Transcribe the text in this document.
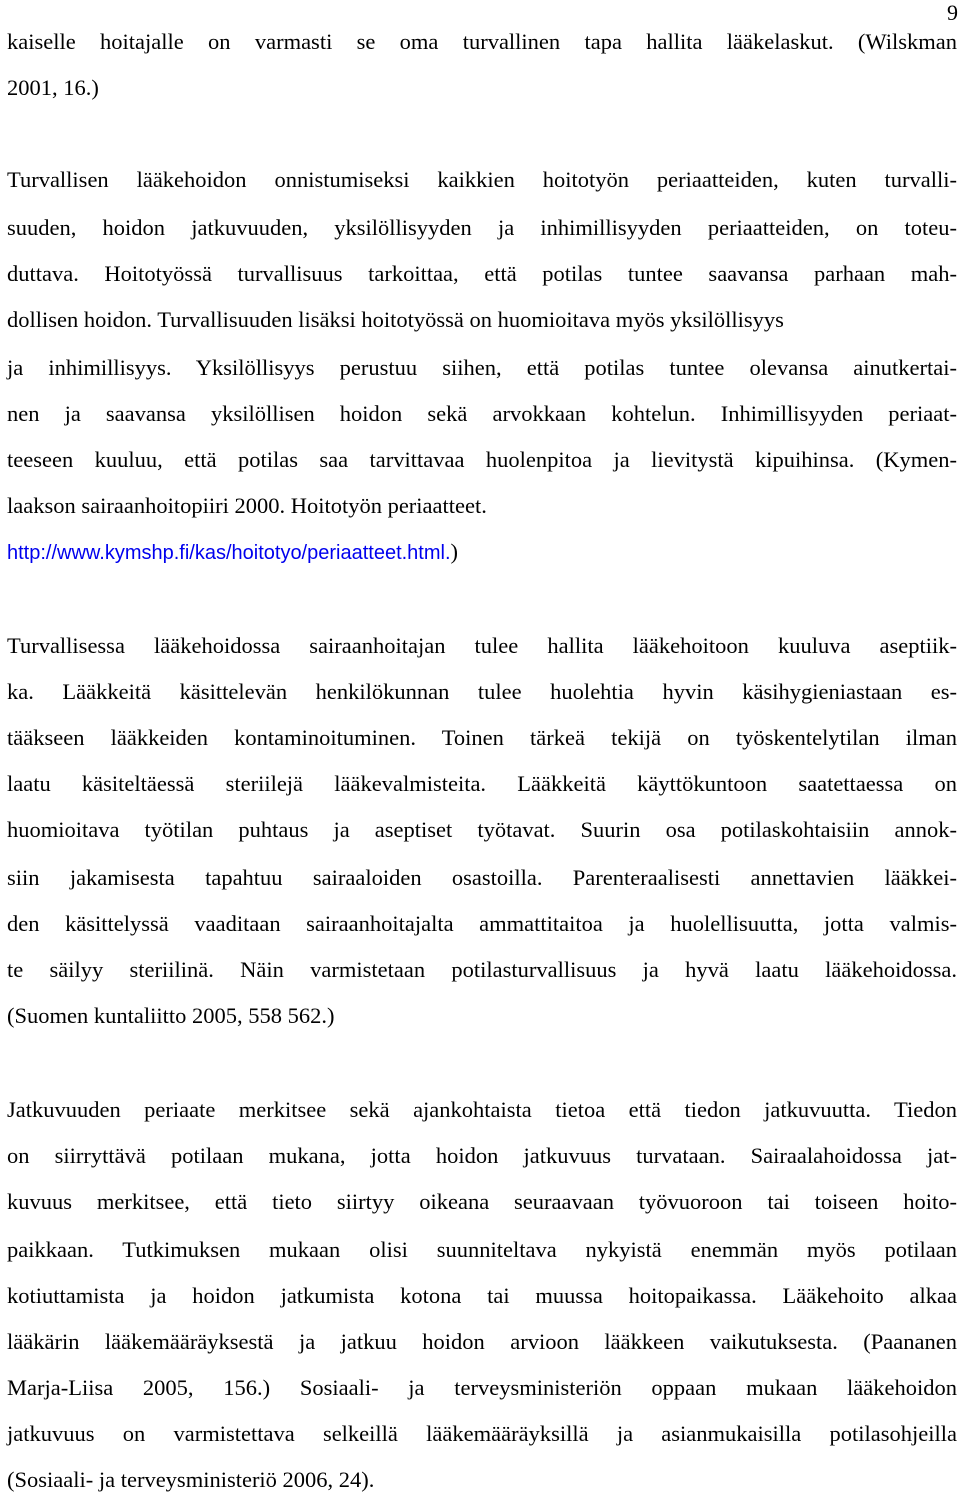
9
kaiselle hoitajalle on varmasti se oma turvallinen tapa hallita lääkelaskut. (Wilskman
2001, 16.)
Turvallisen lääkehoidon onnistumiseksi kaikkien hoitotyön periaatteiden, kuten turvalli-
suuden, hoidon jatkuvuuden, yksilöllisyyden ja inhimillisyyden periaatteiden, on toteu-
duttava. Hoitotyössä turvallisuus tarkoittaa, että potilas tuntee saavansa parhaan mah-
dollisen hoidon. Turvallisuuden lisäksi hoitotyössä on huomioitava myös yksilöllisyys
ja inhimillisyys. Yksilöllisyys perustuu siihen, että potilas tuntee olevansa ainutkertai-
nen ja saavansa yksilöllisen hoidon sekä arvokkaan kohtelun. Inhimillisyyden periaat-
teeseen kuuluu, että potilas saa tarvittavaa huolenpitoa ja lievitystä kipuihinsa. (Kymen-
laakson sairaanhoitopiiri 2000. Hoitotyön periaatteet.
http://www.kymshp.fi/kas/hoitotyo/periaatteet.html.)
Turvallisessa lääkehoidossa sairaanhoitajan tulee hallita lääkehoitoon kuuluva aseptiik-
ka. Lääkkeitä käsittelevän henkilökunnan tulee huolehtia hyvin käsihygieniastaan es-
tääkseen lääkkeiden kontaminoituminen. Toinen tärkeä tekijä on työskentelytilan ilman
laatu käsiteltäessä steriilejä lääkevalmisteita. Lääkkeitä käyttökuntoon saatettaessa on
huomioitava työtilan puhtaus ja aseptiset työtavat. Suurin osa potilaskohtaisiin annok-
siin jakamisesta tapahtuu sairaaloiden osastoilla. Parenteraalisesti annettavien lääkkei-
den käsittelyssä vaaditaan sairaanhoitajalta ammattitaitoa ja huolellisuutta, jotta valmis-
te säilyy steriilinä. Näin varmistetaan potilasturvallisuus ja hyvä laatu lääkehoidossa.
(Suomen kuntaliitto 2005, 558 562.)
Jatkuvuuden periaate merkitsee sekä ajankohtaista tietoa että tiedon jatkuvuutta. Tiedon
on siirryttävä potilaan mukana, jotta hoidon jatkuvuus turvataan. Sairaalahoidossa jat-
kuvuus merkitsee, että tieto siirtyy oikeana seuraavaan työvuoroon tai toiseen hoito-
paikkaan. Tutkimuksen mukaan olisi suunniteltava nykyistä enemmän myös potilaan
kotiuttamista ja hoidon jatkumista kotona tai muussa hoitopaikassa. Lääkehoito alkaa
lääkärin lääkemääräyksestä ja jatkuu hoidon arvioon lääkkeen vaikutuksesta. (Paananen
Marja-Liisa 2005, 156.) Sosiaali- ja terveysministeriön oppaan mukaan lääkehoidon
jatkuvuus on varmistettava selkeillä lääkemääräyksillä ja asianmukaisilla potilasohjeilla
(Sosiaali- ja terveysministeriö 2006, 24).
